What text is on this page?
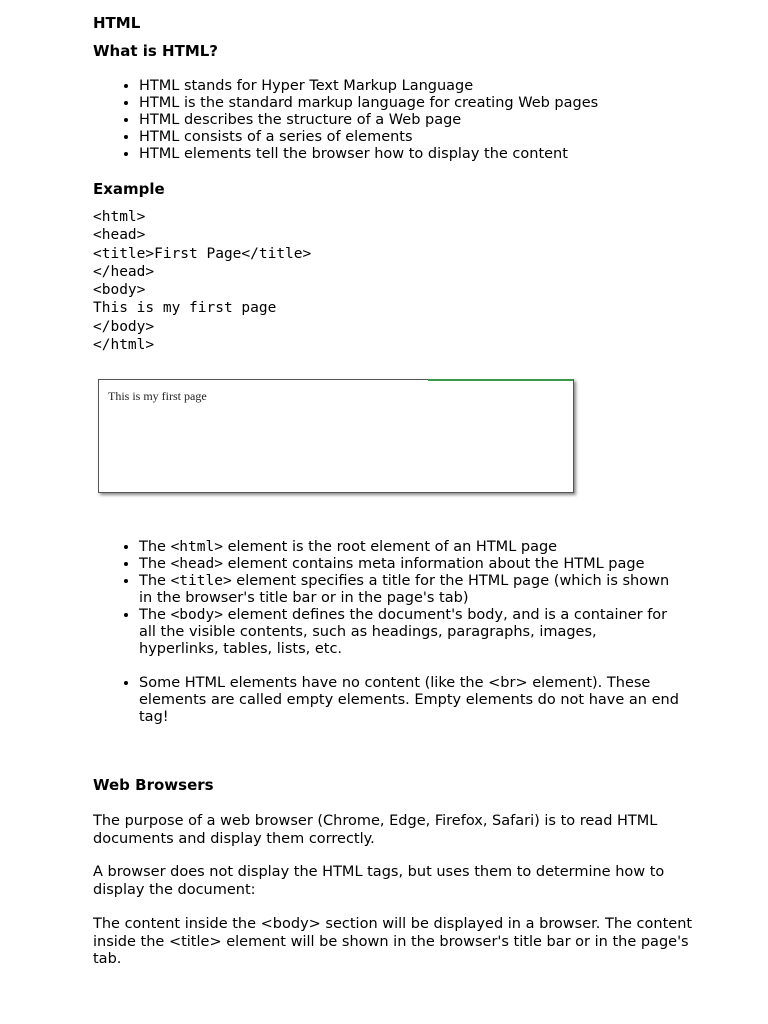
HTML
What is HTML?
• HTML stands for Hyper Text Markup Language
• HTML is the standard markup language for creating Web pages
• HTML describes the structure of a Web page
• HTML consists of a series of elements
• HTML elements tell the browser how to display the content
Example
<html>
<head>
<title>First Page</title>
</head>
<body>
This is my first page
</body>
</html>
This is my first page
• The <html> element is the root element of an HTML page
• The <head> element contains meta information about the HTML page
• The <title> element specifies a title for the HTML page (which is shown in the browser's title bar or in the page's tab)
• The <body> element defines the document's body, and is a container for all the visible contents, such as headings, paragraphs, images, hyperlinks, tables, lists, etc.
• Some HTML elements have no content (like the <br> element). These elements are called empty elements. Empty elements do not have an end tag!
Web Browsers

The purpose of a web browser (Chrome, Edge, Firefox, Safari) is to read HTML documents and display them correctly.

A browser does not display the HTML tags, but uses them to determine how to display the document:

The content inside the <body> section will be displayed in a browser. The content inside the <title> element will be shown in the browser's title bar or in the page's tab.
